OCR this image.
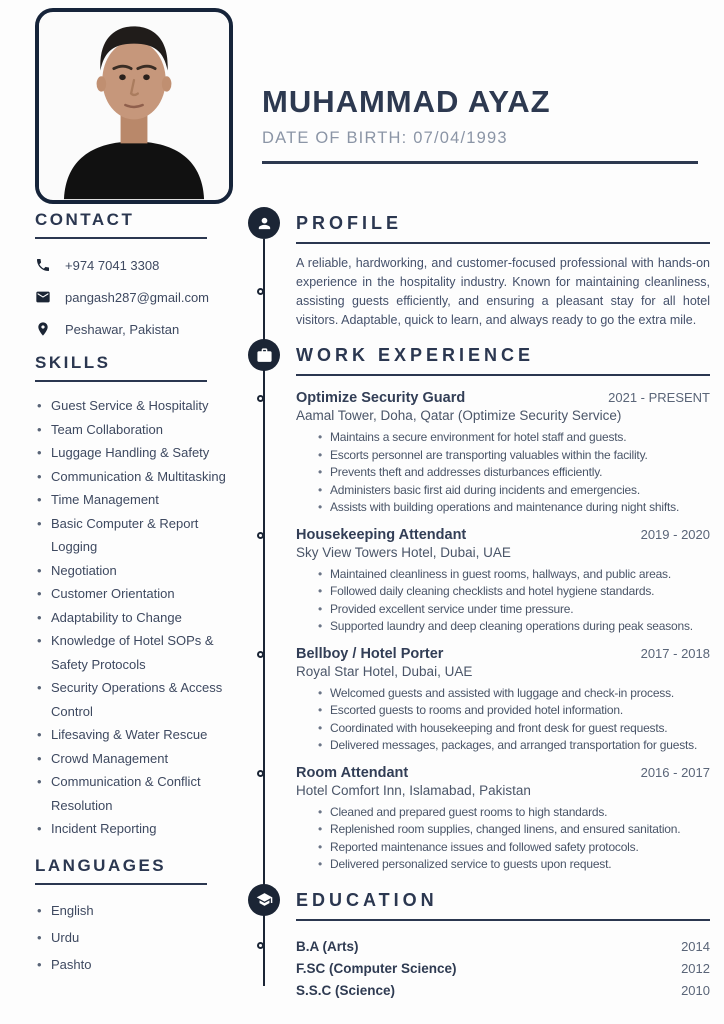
MUHAMMAD AYAZ
DATE OF BIRTH: 07/04/1993
CONTACT
+974 7041 3308
pangash287@gmail.com
Peshawar, Pakistan
SKILLS
• Guest Service & Hospitality
• Team Collaboration
• Luggage Handling & Safety
• Communication & Multitasking
• Time Management
• Basic Computer & Report Logging
• Negotiation
• Customer Orientation
• Adaptability to Change
• Knowledge of Hotel SOPs & Safety Protocols
• Security Operations & Access Control
• Lifesaving & Water Rescue
• Crowd Management
• Communication & Conflict Resolution
• Incident Reporting
LANGUAGES
• English
• Urdu
• Pashto
PROFILE

A reliable, hardworking, and customer-focused professional with hands-on experience in the hospitality industry. Known for maintaining cleanliness, assisting guests efficiently, and ensuring a pleasant stay for all hotel visitors. Adaptable, quick to learn, and always ready to go the extra mile.

WORK EXPERIENCE
Optimize Security Guard	2021 - PRESENT
Aamal Tower, Doha, Qatar (Optimize Security Service)
• Maintains a secure environment for hotel staff and guests.
• Escorts personnel are transporting valuables within the facility.
• Prevents theft and addresses disturbances efficiently.
• Administers basic first aid during incidents and emergencies.
• Assists with building operations and maintenance during night shifts.
Housekeeping Attendant	2019 - 2020
Sky View Towers Hotel, Dubai, UAE
• Maintained cleanliness in guest rooms, hallways, and public areas.
• Followed daily cleaning checklists and hotel hygiene standards.
• Provided excellent service under time pressure.
• Supported laundry and deep cleaning operations during peak seasons.
Bellboy / Hotel Porter	2017 - 2018
Royal Star Hotel, Dubai, UAE
• Welcomed guests and assisted with luggage and check-in process.
• Escorted guests to rooms and provided hotel information.
• Coordinated with housekeeping and front desk for guest requests.
• Delivered messages, packages, and arranged transportation for guests.
Room Attendant	2016 - 2017
Hotel Comfort Inn, Islamabad, Pakistan
• Cleaned and prepared guest rooms to high standards.
• Replenished room supplies, changed linens, and ensured sanitation.
• Reported maintenance issues and followed safety protocols.
• Delivered personalized service to guests upon request.
EDUCATION
B.A (Arts)	2014
F.SC (Computer Science)	2012
S.S.C (Science)	2010
